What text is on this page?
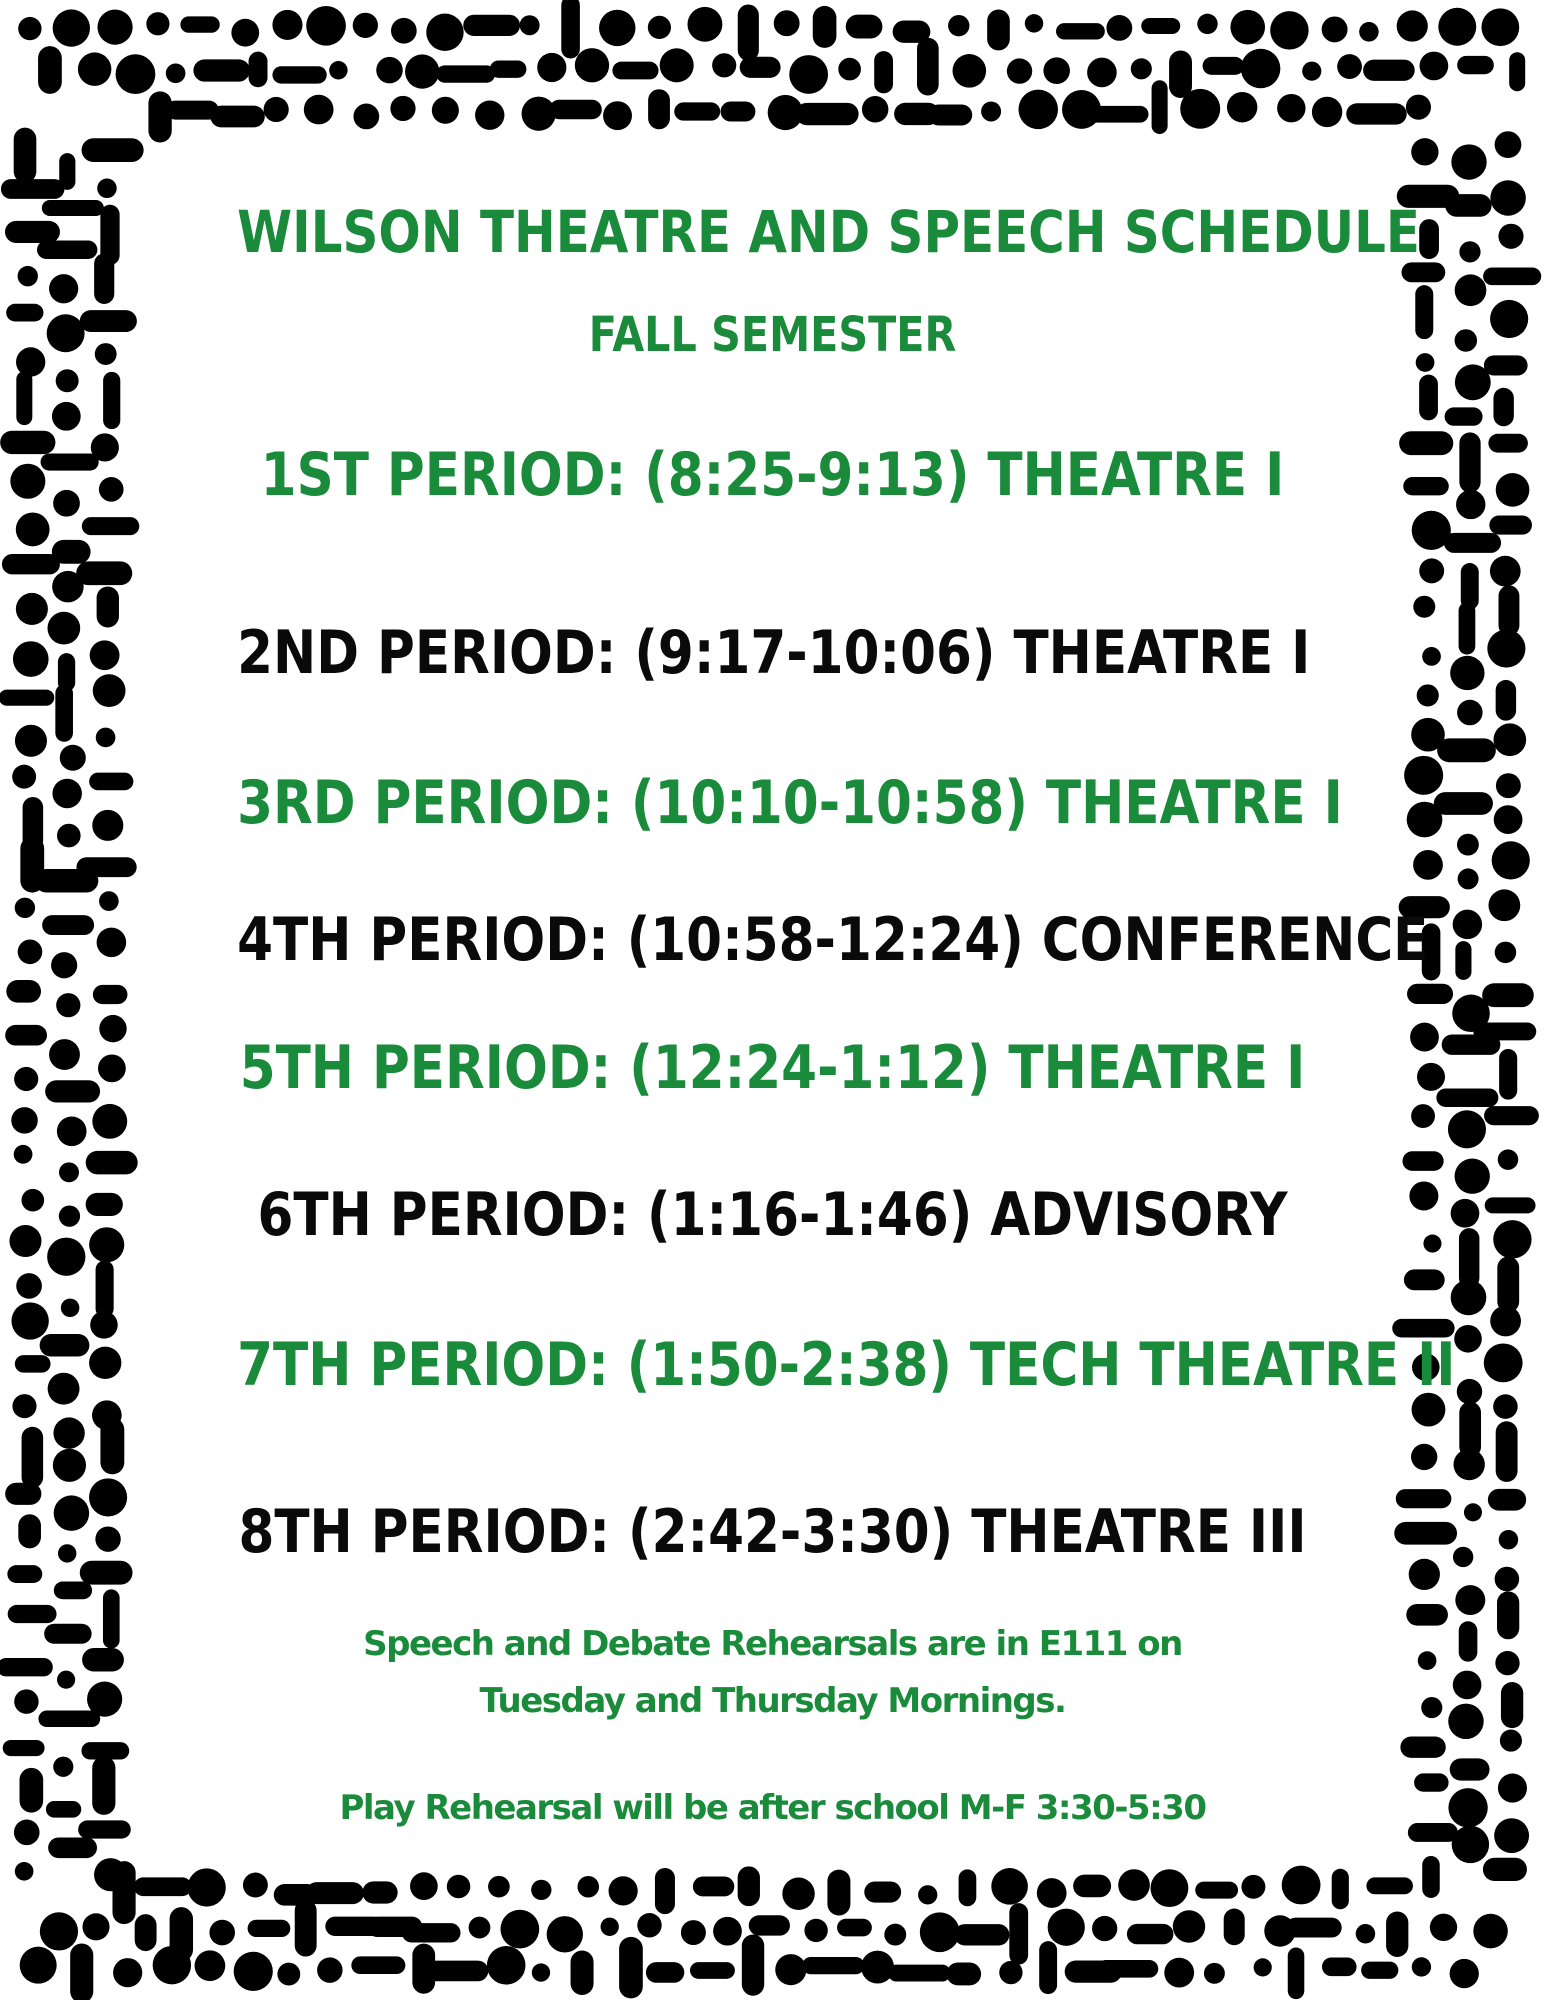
WILSON THEATRE AND SPEECH SCHEDULE
FALL SEMESTER
1ST PERIOD: (8:25-9:13) THEATRE I
2ND PERIOD: (9:17-10:06) THEATRE I
3RD PERIOD: (10:10-10:58) THEATRE I
4TH PERIOD: (10:58-12:24) CONFERENCE
5TH PERIOD: (12:24-1:12) THEATRE I
6TH PERIOD: (1:16-1:46) ADVISORY
7TH PERIOD: (1:50-2:38) TECH THEATRE II
8TH PERIOD: (2:42-3:30) THEATRE III
Speech and Debate Rehearsals are in E111 on
Tuesday and Thursday Mornings.
Play Rehearsal will be after school M-F 3:30-5:30
